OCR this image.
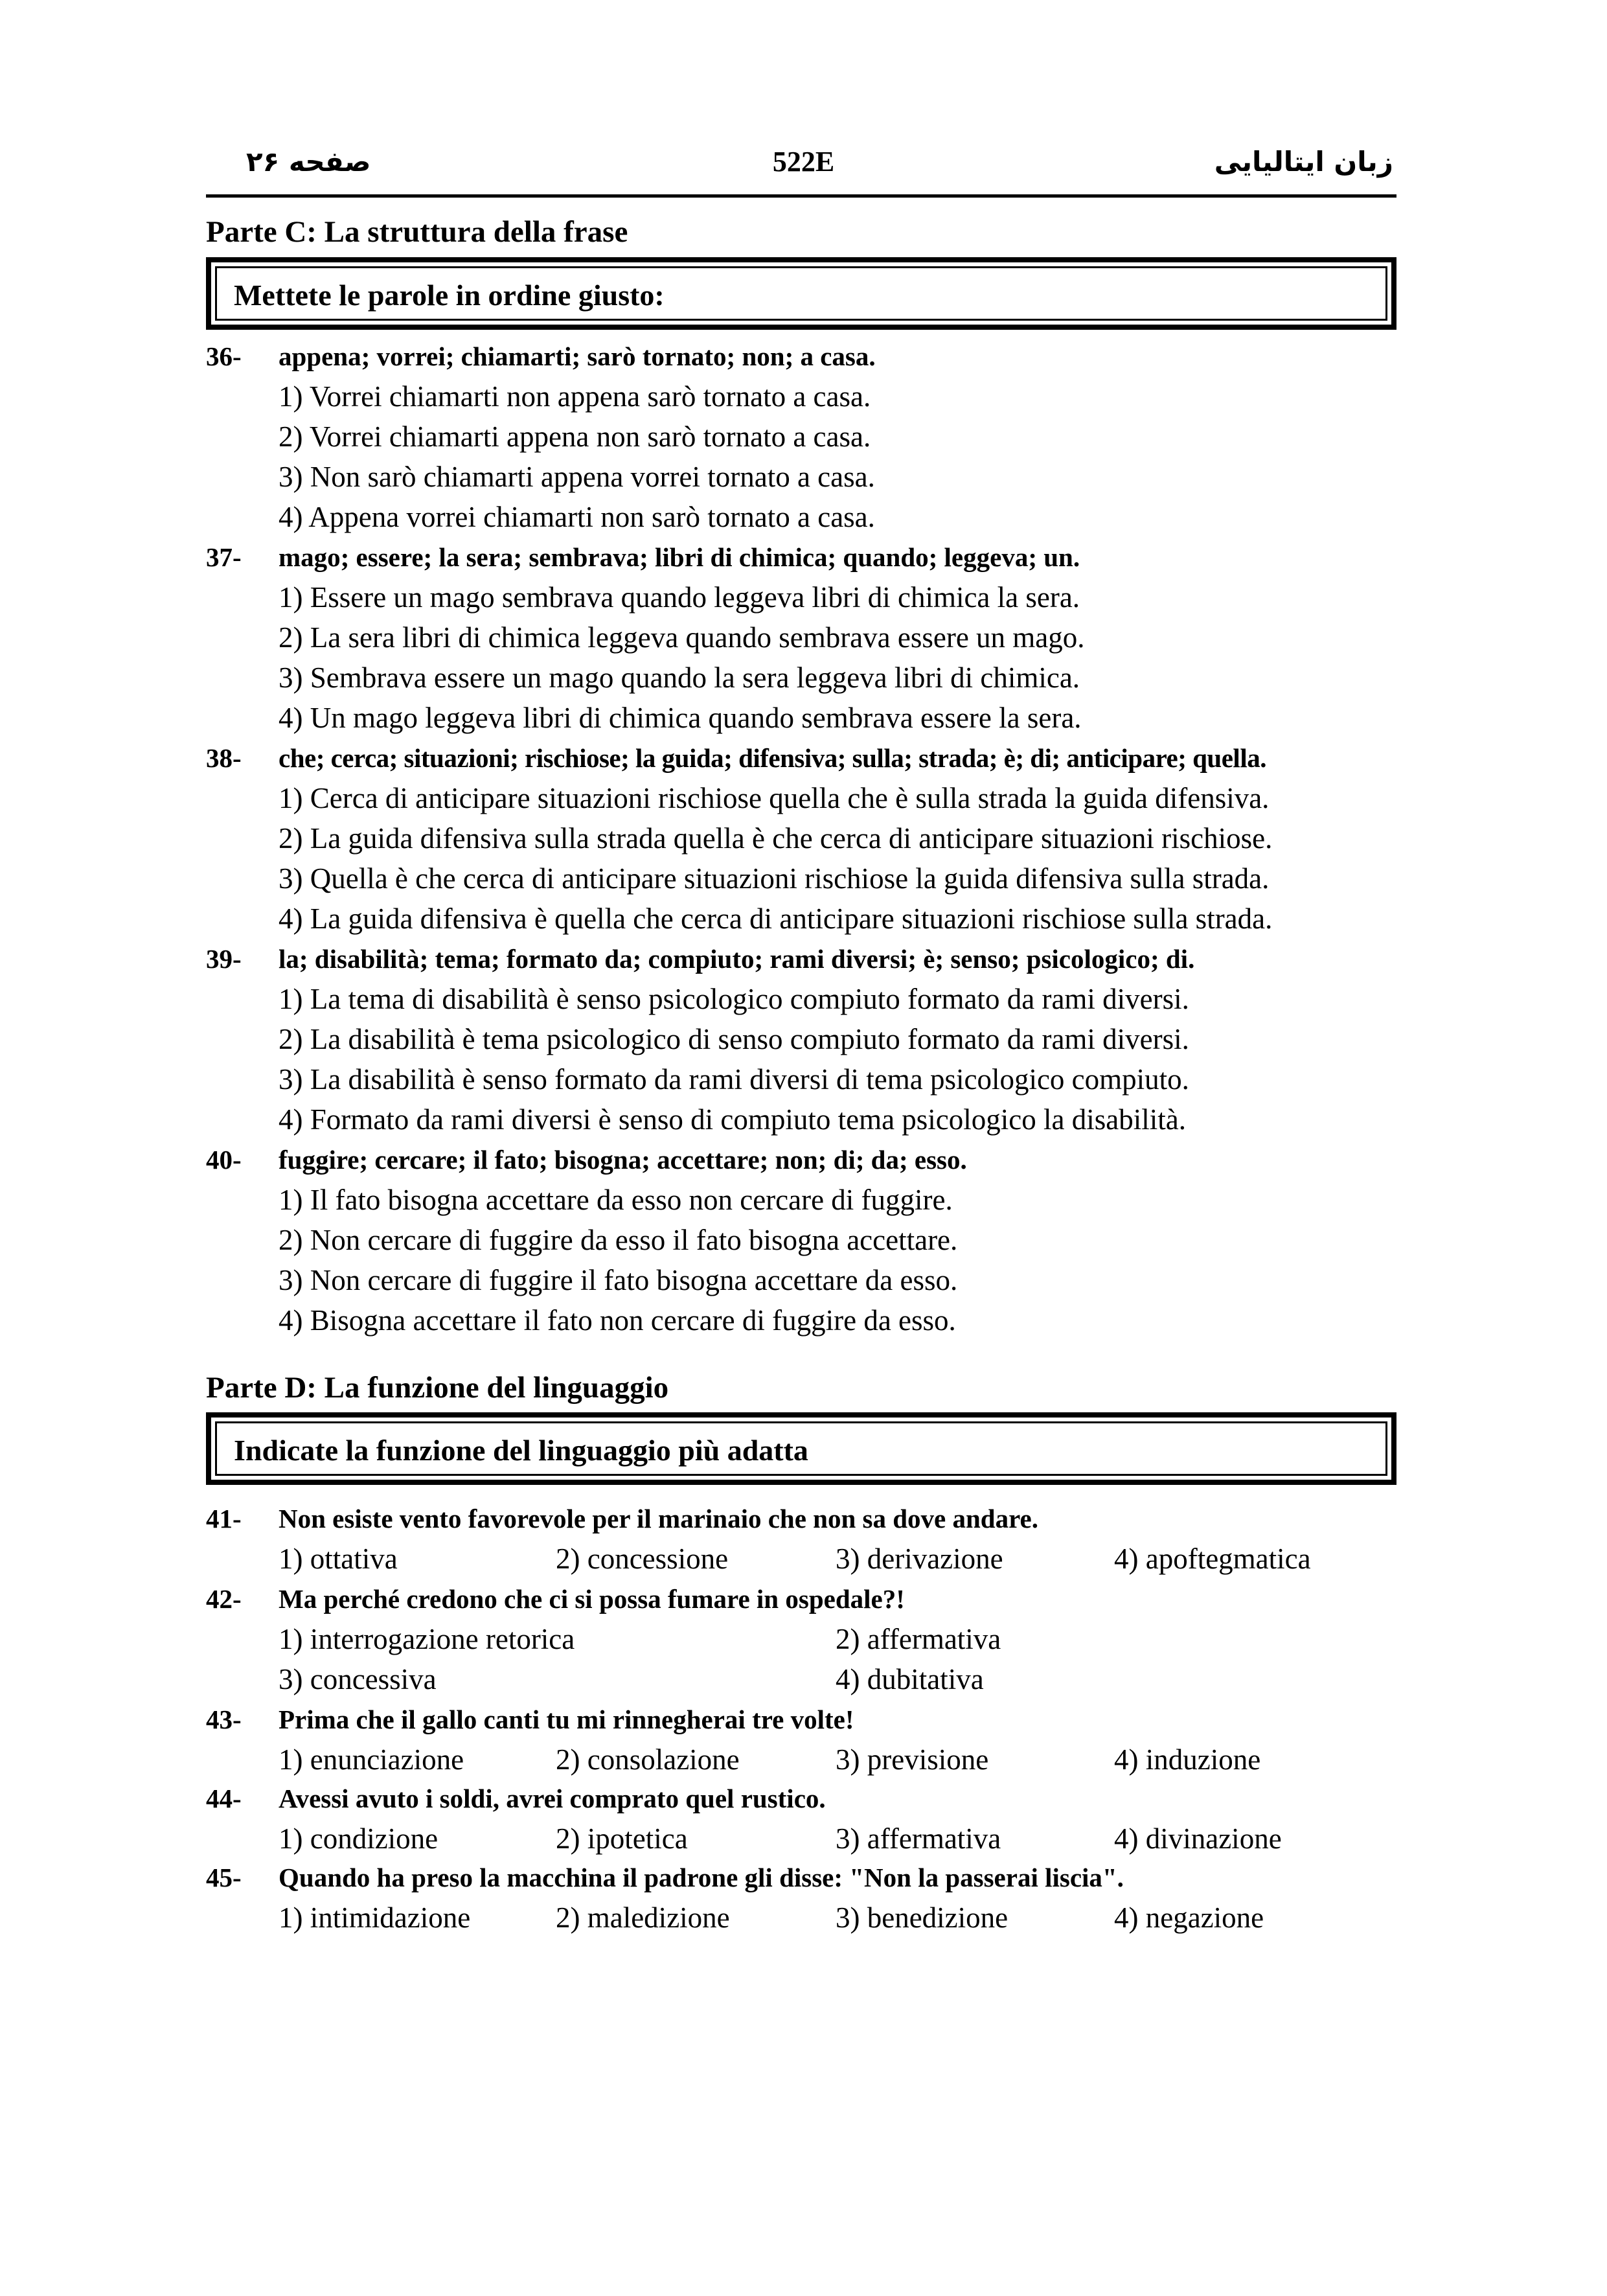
صفحه ۲۶	522E	زبان ایتالیایی
Parte C: La struttura della frase
Mettete le parole in ordine giusto:
36- appena; vorrei; chiamarti; sarò tornato; non; a casa.
1) Vorrei chiamarti non appena sarò tornato a casa.
2) Vorrei chiamarti appena non sarò tornato a casa.
3) Non sarò chiamarti appena vorrei tornato a casa.
4) Appena vorrei chiamarti non sarò tornato a casa.
37- mago; essere; la sera; sembrava; libri di chimica; quando; leggeva; un.
1) Essere un mago sembrava quando leggeva libri di chimica la sera.
2) La sera libri di chimica leggeva quando sembrava essere un mago.
3) Sembrava essere un mago quando la sera leggeva libri di chimica.
4) Un mago leggeva libri di chimica quando sembrava essere la sera.
38- che; cerca; situazioni; rischiose; la guida; difensiva; sulla; strada; è; di; anticipare; quella.
1) Cerca di anticipare situazioni rischiose quella che è sulla strada la guida difensiva.
2) La guida difensiva sulla strada quella è che cerca di anticipare situazioni rischiose.
3) Quella è che cerca di anticipare situazioni rischiose la guida difensiva sulla strada.
4) La guida difensiva è quella che cerca di anticipare situazioni rischiose sulla strada.
39- la; disabilità; tema; formato da; compiuto; rami diversi; è; senso; psicologico; di.
1) La tema di disabilità è senso psicologico compiuto formato da rami diversi.
2) La disabilità è tema psicologico di senso compiuto formato da rami diversi.
3) La disabilità è senso formato da rami diversi di tema psicologico compiuto.
4) Formato da rami diversi è senso di compiuto tema psicologico la disabilità.
40- fuggire; cercare; il fato; bisogna; accettare; non; di; da; esso.
1) Il fato bisogna accettare da esso non cercare di fuggire.
2) Non cercare di fuggire da esso il fato bisogna accettare.
3) Non cercare di fuggire il fato bisogna accettare da esso.
4) Bisogna accettare il fato non cercare di fuggire da esso.
Parte D: La funzione del linguaggio
Indicate la funzione del linguaggio più adatta
41- Non esiste vento favorevole per il marinaio che non sa dove andare.
1) ottativa	2) concessione	3) derivazione	4) apoftegmatica
42- Ma perché credono che ci si possa fumare in ospedale?!
1) interrogazione retorica	2) affermativa
3) concessiva	4) dubitativa
43- Prima che il gallo canti tu mi rinnegherai tre volte!
1) enunciazione	2) consolazione	3) previsione	4) induzione
44- Avessi avuto i soldi, avrei comprato quel rustico.
1) condizione	2) ipotetica	3) affermativa	4) divinazione
45- Quando ha preso la macchina il padrone gli disse: "Non la passerai liscia".
1) intimidazione	2) maledizione	3) benedizione	4) negazione
